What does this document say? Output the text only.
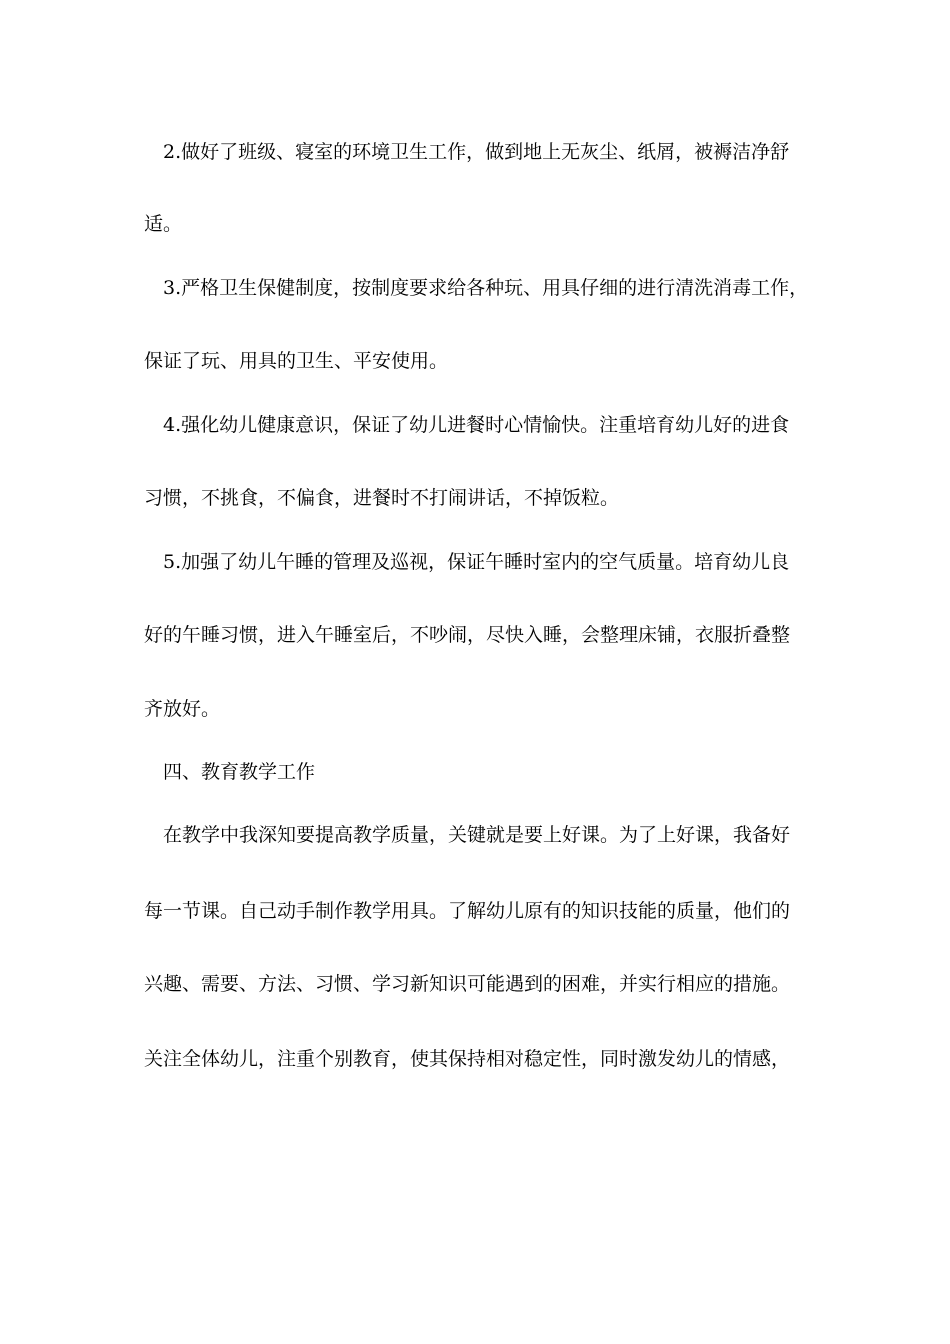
2.做好了班级、寝室的环境卫生工作，做到地上无灰尘、纸屑，被褥洁净舒
适。
3.严格卫生保健制度，按制度要求给各种玩、用具仔细的进行清洗消毒工作，
保证了玩、用具的卫生、平安使用。
4.强化幼儿健康意识，保证了幼儿进餐时心情愉快。注重培育幼儿好的进食
习惯，不挑食，不偏食，进餐时不打闹讲话，不掉饭粒。
5.加强了幼儿午睡的管理及巡视，保证午睡时室内的空气质量。培育幼儿良
好的午睡习惯，进入午睡室后，不吵闹，尽快入睡，会整理床铺，衣服折叠整
齐放好。
四、教育教学工作
在教学中我深知要提高教学质量，关键就是要上好课。为了上好课，我备好
每一节课。自己动手制作教学用具。了解幼儿原有的知识技能的质量，他们的
兴趣、需要、方法、习惯、学习新知识可能遇到的困难，并实行相应的措施。
关注全体幼儿，注重个别教育，使其保持相对稳定性，同时激发幼儿的情感，
